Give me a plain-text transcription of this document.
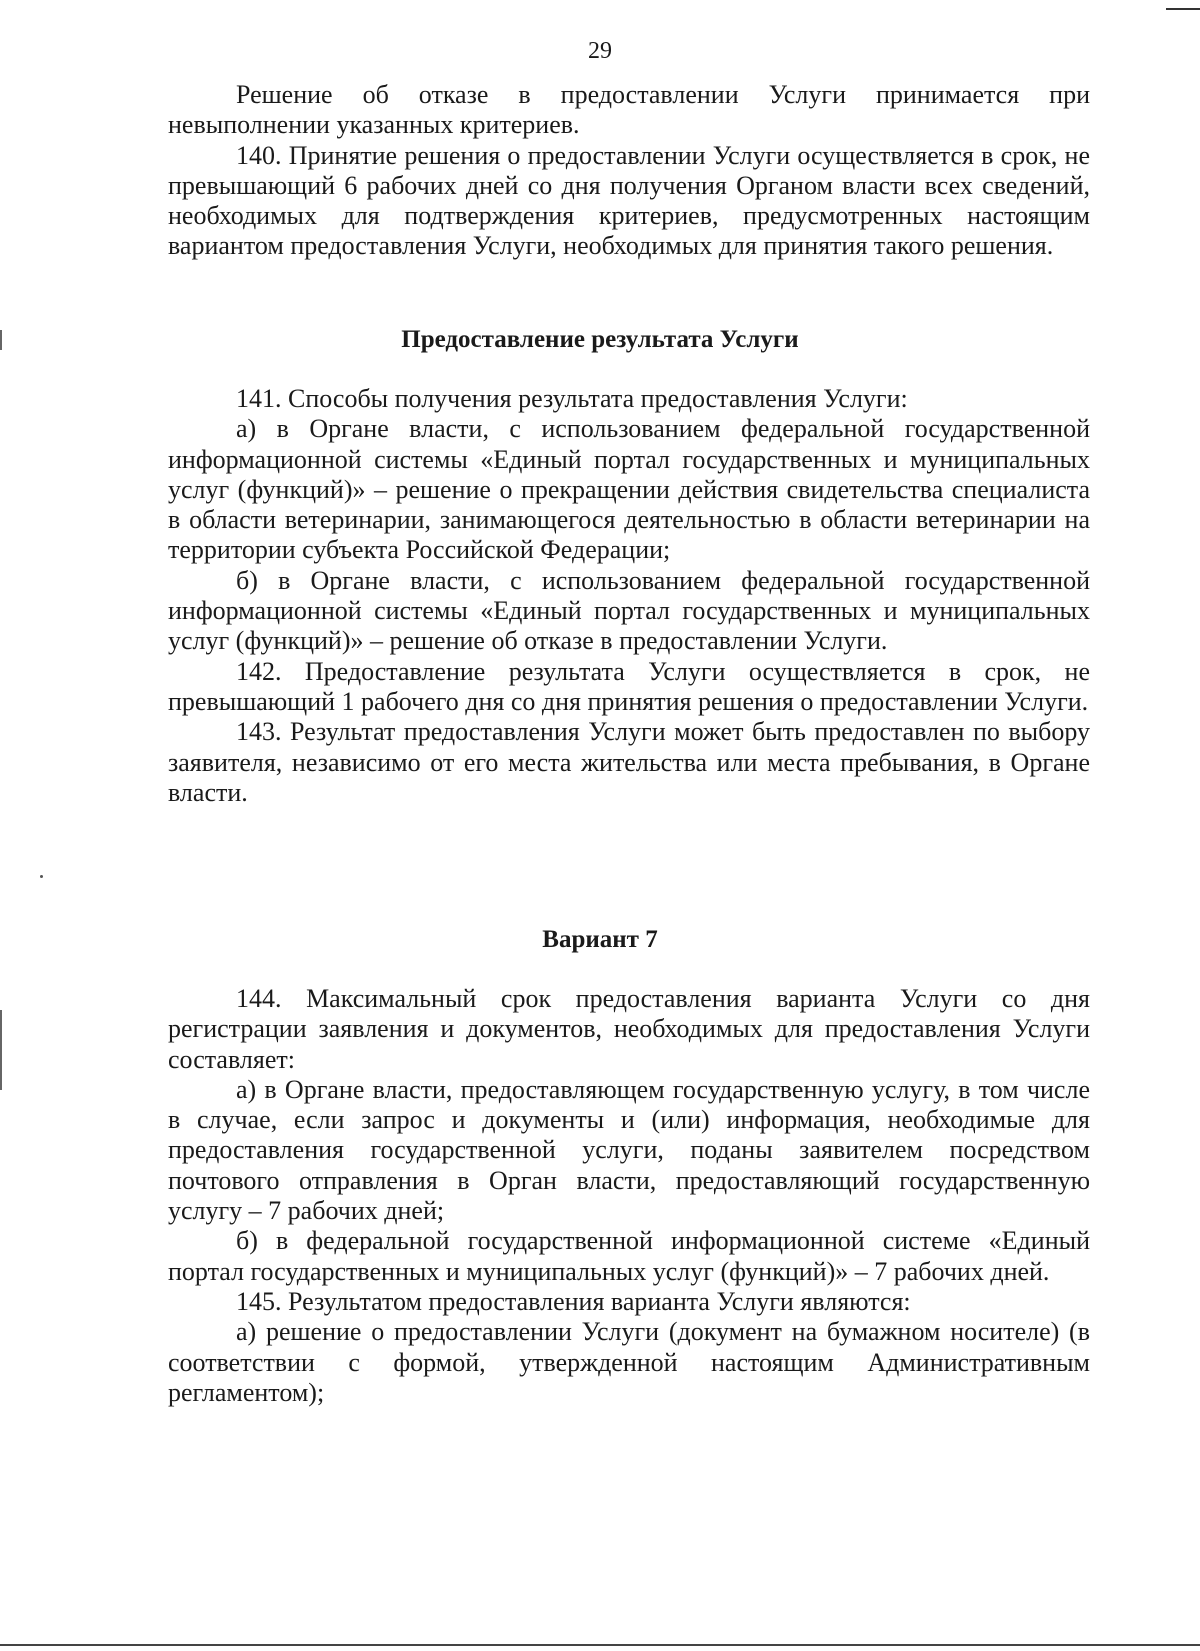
29

Решение об отказе в предоставлении Услуги принимается при невыполнении указанных критериев.

140. Принятие решения о предоставлении Услуги осуществляется в срок, не превышающий 6 рабочих дней со дня получения Органом власти всех сведений, необходимых для подтверждения критериев, предусмотренных настоящим вариантом предоставления Услуги, необходимых для принятия такого решения.

Предоставление результата Услуги

141. Способы получения результата предоставления Услуги:

а) в Органе власти, с использованием федеральной государственной информационной системы «Единый портал государственных и муниципальных услуг (функций)» – решение о прекращении действия свидетельства специалиста в области ветеринарии, занимающегося деятельностью в области ветеринарии на территории субъекта Российской Федерации;

б) в Органе власти, с использованием федеральной государственной информационной системы «Единый портал государственных и муниципальных услуг (функций)» – решение об отказе в предоставлении Услуги.

142. Предоставление результата Услуги осуществляется в срок, не превышающий 1 рабочего дня со дня принятия решения о предоставлении Услуги.

143. Результат предоставления Услуги может быть предоставлен по выбору заявителя, независимо от его места жительства или места пребывания, в Органе власти.

Вариант 7

144. Максимальный срок предоставления варианта Услуги со дня регистрации заявления и документов, необходимых для предоставления Услуги составляет:

а) в Органе власти, предоставляющем государственную услугу, в том числе в случае, если запрос и документы и (или) информация, необходимые для предоставления государственной услуги, поданы заявителем посредством почтового отправления в Орган власти, предоставляющий государственную услугу – 7 рабочих дней;

б) в федеральной государственной информационной системе «Единый портал государственных и муниципальных услуг (функций)» – 7 рабочих дней.

145. Результатом предоставления варианта Услуги являются:

а) решение о предоставлении Услуги (документ на бумажном носителе) (в соответствии с формой, утвержденной настоящим Административным регламентом);
